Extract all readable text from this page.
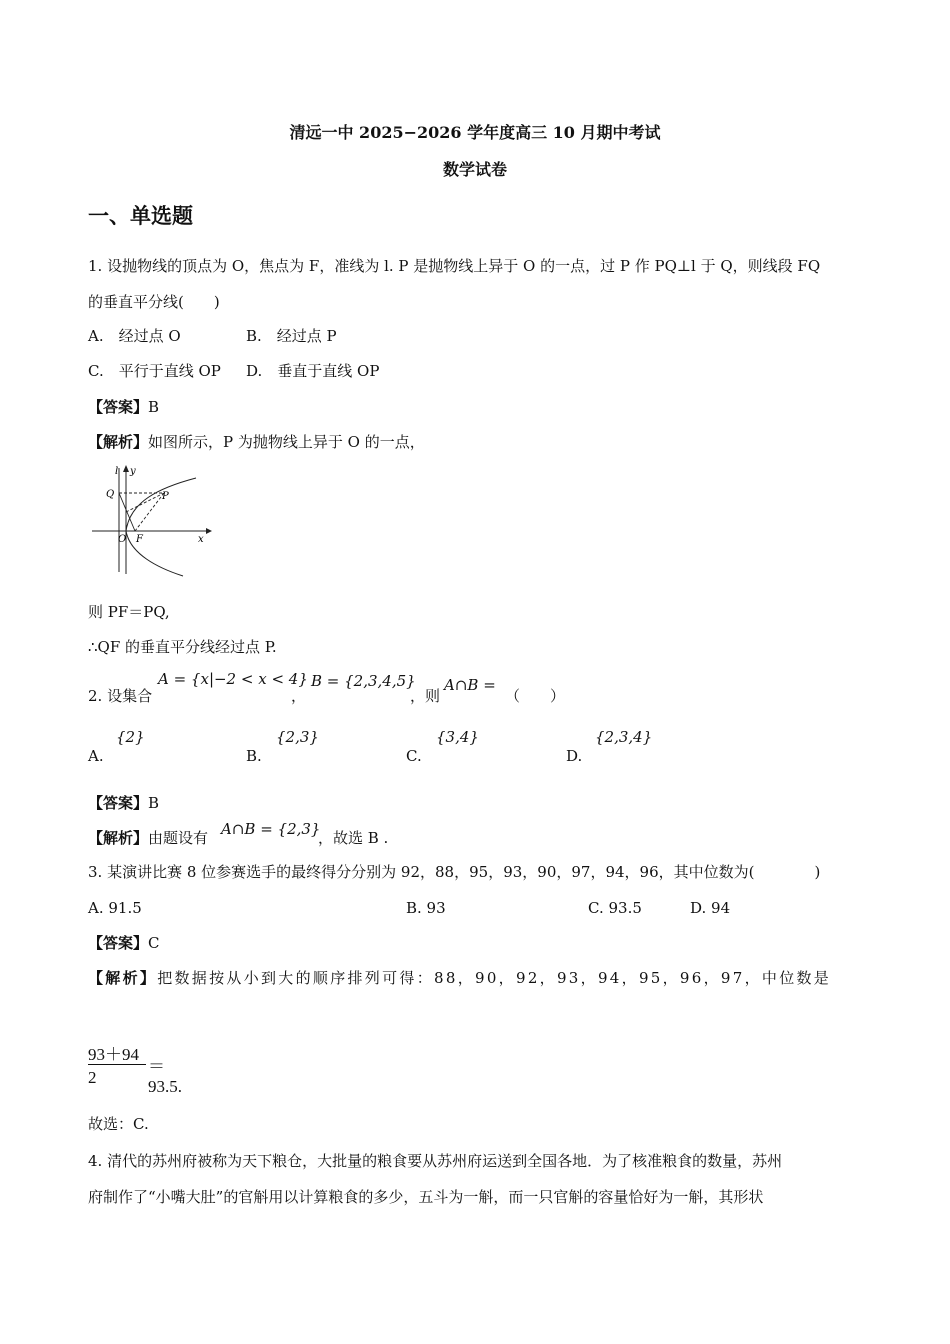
清远一中 2025−2026 学年度高三 10 月期中考试
数学试卷
一、单选题
1. 设抛物线的顶点为 O，焦点为 F，准线为 l. P 是抛物线上异于 O 的一点，过 P 作 PQ⊥l 于 Q，则线段 FQ
的垂直平分线(　　)
A.　经过点 O	B.　经过点 P
C.　平行于直线 OP D.　垂直于直线 OP
【答案】B
【解析】如图所示，P 为抛物线上异于 O 的一点，
l y
Q	P
O F	x
则 PF＝PQ,
∴QF 的垂直平分线经过点 P.
2. 设集合
A = {x|−2 < x < 4}
，
B = {2,3,4,5}
，则
A∩B =
（　　）
A.
{2}
B.
{2,3}
C.
{3,4}
D.
{2,3,4}
【答案】B
【解析】由题设有 A∩B = {2,3}
，故选 B .
3. 某演讲比赛 8 位参赛选手的最终得分分别为 92，88，95，93，90，97，94，96，其中位数为(　　　　)
A. 91.5	B. 93	C. 93.5	D. 94
【答案】C
【解析】把数据按从小到大的顺序排列可得：88，90，92，93，94，95，96，97，中位数是
93＋94
2
＝93.5.
故选：C.
4. 清代的苏州府被称为天下粮仓，大批量的粮食要从苏州府运送到全国各地．为了核准粮食的数量，苏州
府制作了“小嘴大肚”的官斛用以计算粮食的多少，五斗为一斛，而一只官斛的容量恰好为一斛，其形状
